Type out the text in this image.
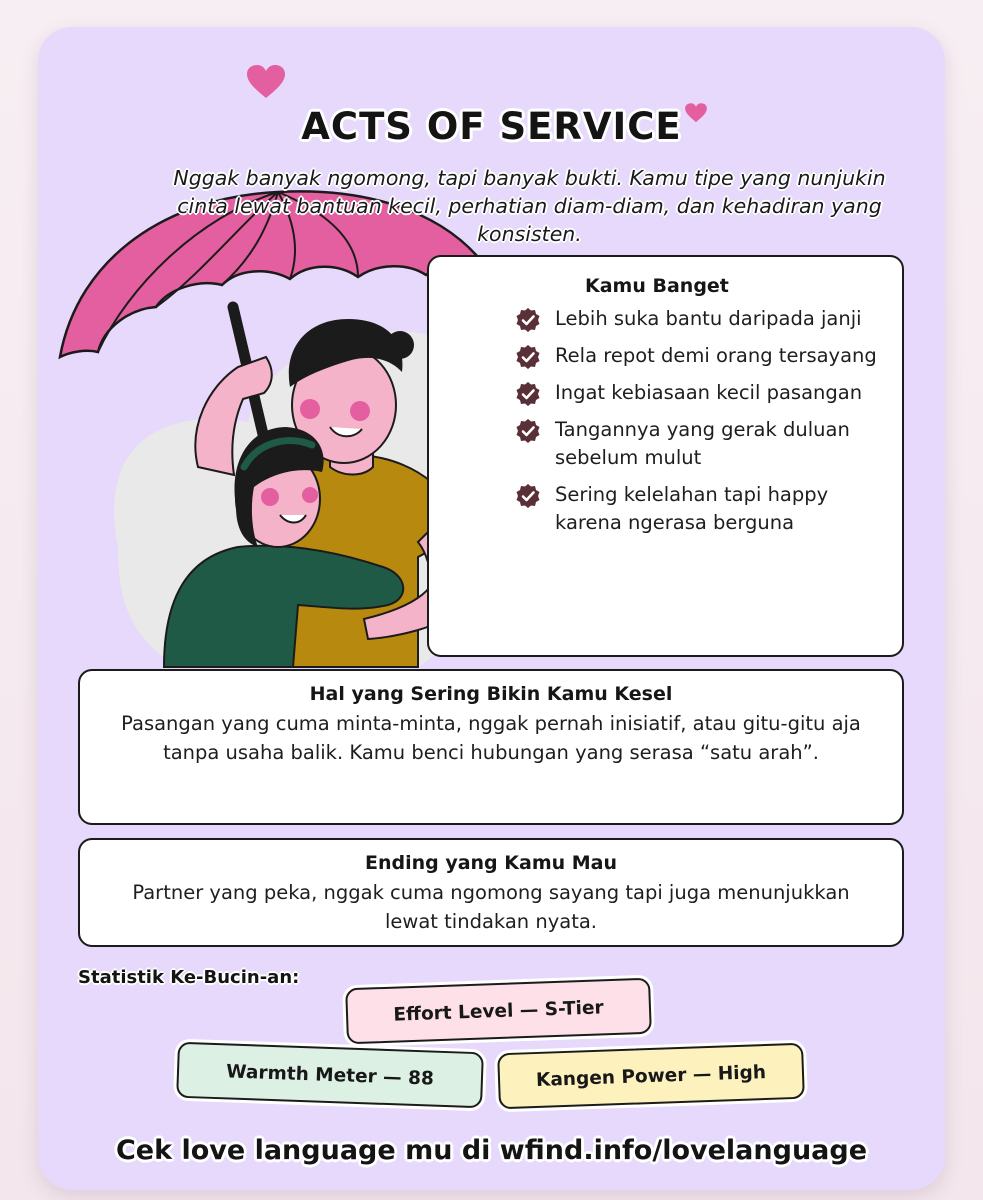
ACTS OF SERVICE
Nggak banyak ngomong, tapi banyak bukti. Kamu tipe yang nunjukin cinta lewat bantuan kecil, perhatian diam-diam, dan kehadiran yang konsisten.
Kamu Banget
Lebih suka bantu daripada janji
Rela repot demi orang tersayang
Ingat kebiasaan kecil pasangan
Tangannya yang gerak duluan sebelum mulut
Sering kelelahan tapi happy karena ngerasa berguna
Hal yang Sering Bikin Kamu Kesel
Pasangan yang cuma minta-minta, nggak pernah inisiatif, atau gitu-gitu aja tanpa usaha balik. Kamu benci hubungan yang serasa “satu arah”.
Ending yang Kamu Mau
Partner yang peka, nggak cuma ngomong sayang tapi juga menunjukkan lewat tindakan nyata.
Statistik Ke-Bucin-an:
Effort Level — S-Tier
Warmth Meter — 88	Kangen Power — High
Cek love language mu di wfind.info/lovelanguage
